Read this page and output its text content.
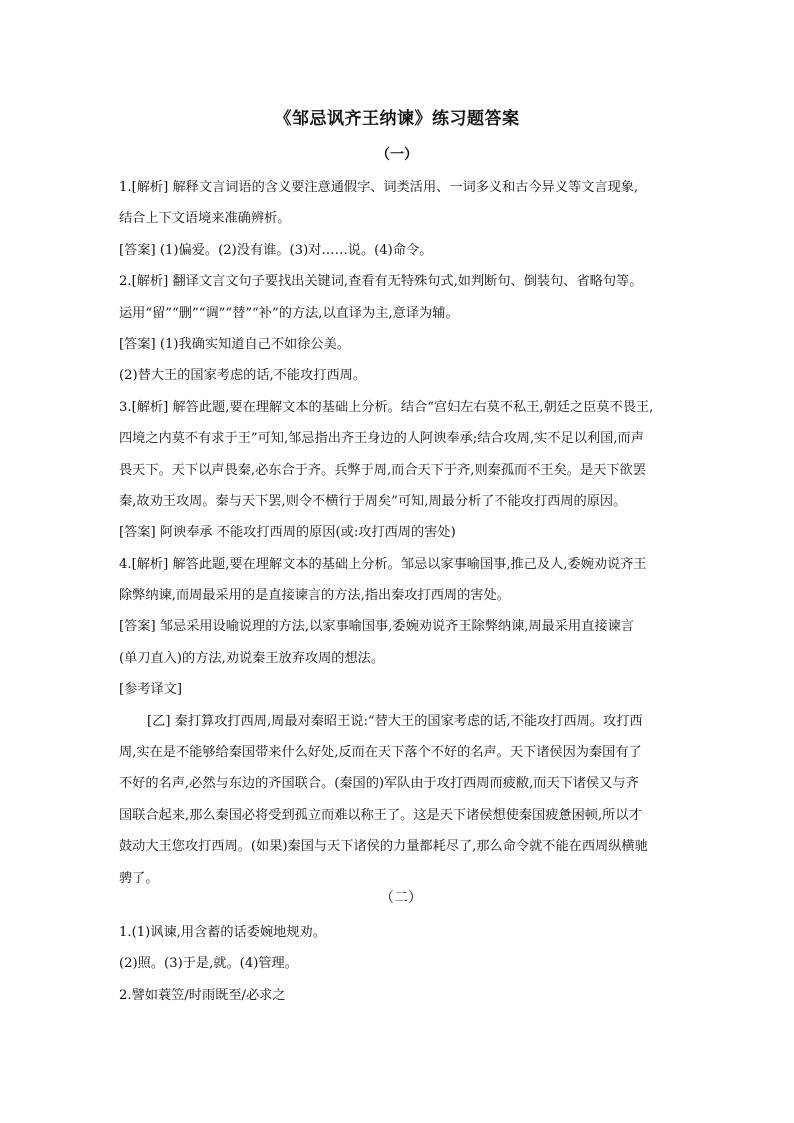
《邹忌讽齐王纳谏》练习题答案
（一）
1.[解析] 解释文言词语的含义要注意通假字、词类活用、一词多义和古今异义等文言现象,
结合上下文语境来准确辨析。
[答案] (1)偏爱。(2)没有谁。(3)对……说。(4)命令。
2.[解析] 翻译文言文句子要找出关键词,查看有无特殊句式,如判断句、倒装句、省略句等。
运用“留”“删”“调”“替”“补”的方法,以直译为主,意译为辅。
[答案] (1)我确实知道自己不如徐公美。
(2)替大王的国家考虑的话,不能攻打西周。
3.[解析] 解答此题,要在理解文本的基础上分析。结合“宫妇左右莫不私王,朝廷之臣莫不畏王,
四境之内莫不有求于王”可知,邹忌指出齐王身边的人阿谀奉承;结合攻周,实不足以利国,而声
畏天下。天下以声畏秦,必东合于齐。兵弊于周,而合天下于齐,则秦孤而不王矣。是天下欲罢
秦,故劝王攻周。秦与天下罢,则令不横行于周矣”可知,周最分析了不能攻打西周的原因。
[答案] 阿谀奉承 不能攻打西周的原因(或:攻打西周的害处)
4.[解析] 解答此题,要在理解文本的基础上分析。邹忌以家事喻国事,推己及人,委婉劝说齐王
除弊纳谏,而周最采用的是直接谏言的方法,指出秦攻打西周的害处。
[答案] 邹忌采用设喻说理的方法,以家事喻国事,委婉劝说齐王除弊纳谏,周最采用直接谏言
(单刀直入)的方法,劝说秦王放弃攻周的想法。
[参考译文]
[乙] 秦打算攻打西周,周最对秦昭王说:“替大王的国家考虑的话,不能攻打西周。攻打西
周,实在是不能够给秦国带来什么好处,反而在天下落个不好的名声。天下诸侯因为秦国有了
不好的名声,必然与东边的齐国联合。(秦国的)军队由于攻打西周而疲敝,而天下诸侯又与齐
国联合起来,那么秦国必将受到孤立而难以称王了。这是天下诸侯想使秦国疲惫困顿,所以才
鼓动大王您攻打西周。(如果)秦国与天下诸侯的力量都耗尽了,那么命令就不能在西周纵横驰
骋了。
（二）
1.(1)讽谏,用含蓄的话委婉地规劝。
(2)照。(3)于是,就。(4)管理。
2.譬如蓑笠/时雨既至/必求之
